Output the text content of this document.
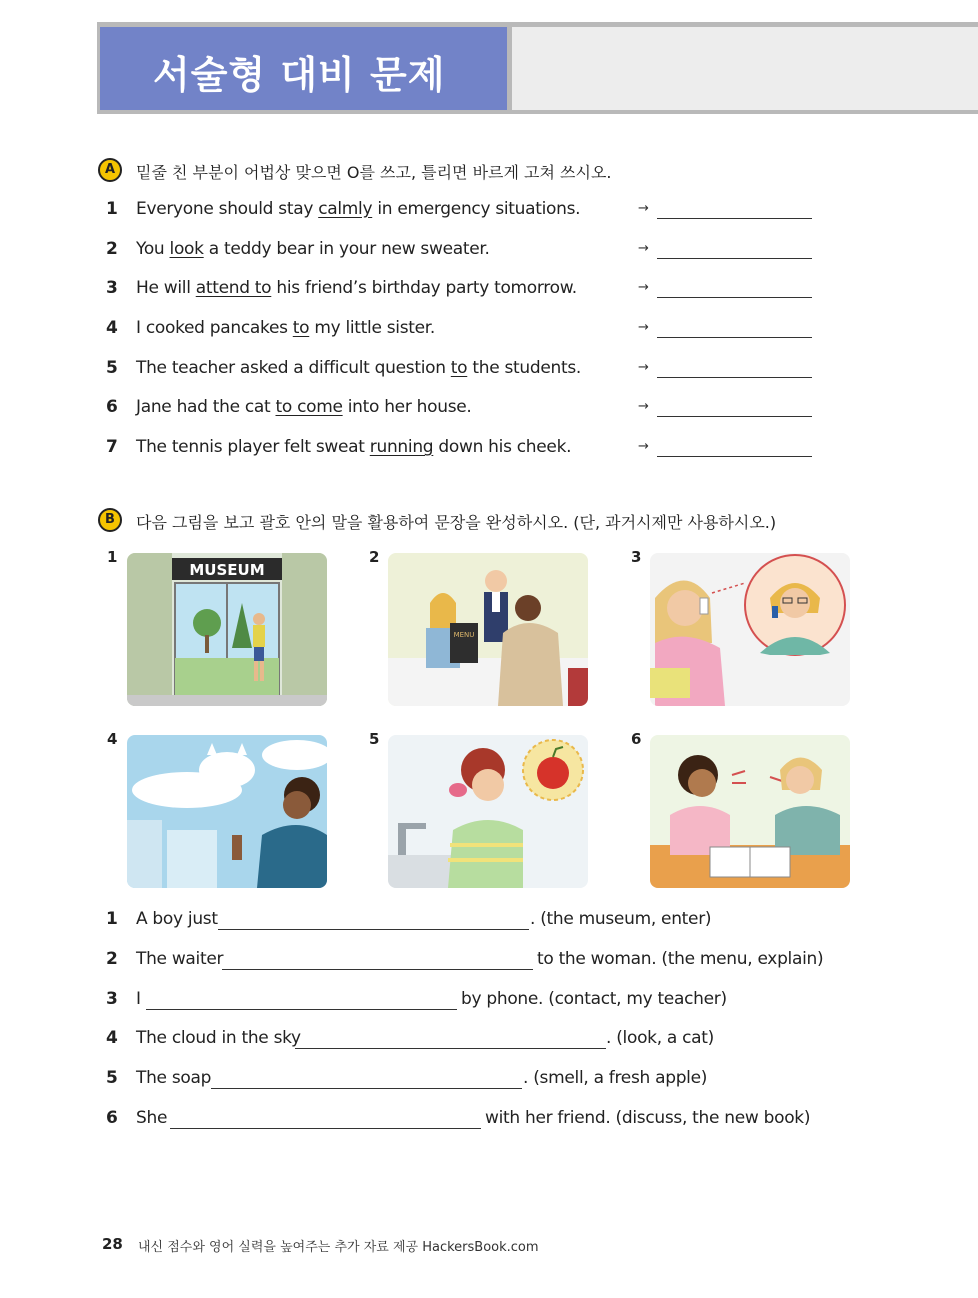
서술형 대비 문제
A	밑줄 친 부분이 어법상 맞으면 O를 쓰고, 틀리면 바르게 고쳐 쓰시오.
1 Everyone should stay calmly in emergency situations.	→
2 You look a teddy bear in your new sweater.	→
3 He will attend to his friend’s birthday party tomorrow.	→
4 I cooked pancakes to my little sister.	→
5 The teacher asked a difficult question to the students.	→
6 Jane had the cat to come into her house.	→
7 The tennis player felt sweat running down his cheek.	→
B	다음 그림을 보고 괄호 안의 말을 활용하여 문장을 완성하시오. (단, 과거시제만 사용하시오.)
1
MUSEUM
2
MENU
3
4	5	6
1 A boy just	. (the museum, enter)
2 The waiter	to the woman. (the menu, explain)
3 I	by phone. (contact, my teacher)
4 The cloud in the sky	. (look, a cat)
5 The soap	. (smell, a fresh apple)
6 She	with her friend. (discuss, the new book)
28 내신 점수와 영어 실력을 높여주는 추가 자료 제공 HackersBook.com
